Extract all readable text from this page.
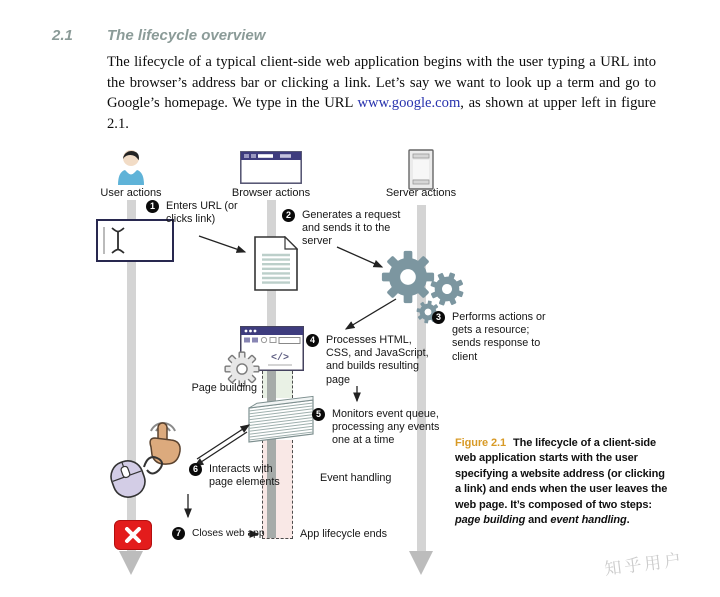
2.1 The lifecycle overview
The lifecycle of a typical client-side web application begins with the user typing a URL into the browser’s address bar or clicking a link. Let’s say we want to look up a term and go to Google’s homepage. We type in the URL www.google.com, as shown at upper left in figure 2.1.
User actions	Browser actions	Server actions
1	Enters URL (or clicks link)	2	Generates a request and sends it to the server
3	Performs actions or gets a resource; sends response to client
</>
4	Processes HTML, CSS, and JavaScript, and builds resulting page
Page building
5	Monitors event queue, processing any events one at a time
6	Interacts with page elements	Event handling
7	Closes web app	App lifecycle ends
Figure 2.1 The lifecycle of a client-side web application starts with the user specifying a website address (or clicking a link) and ends when the user leaves the web page. It’s composed of two steps: page building and event handling.
知乎用户
